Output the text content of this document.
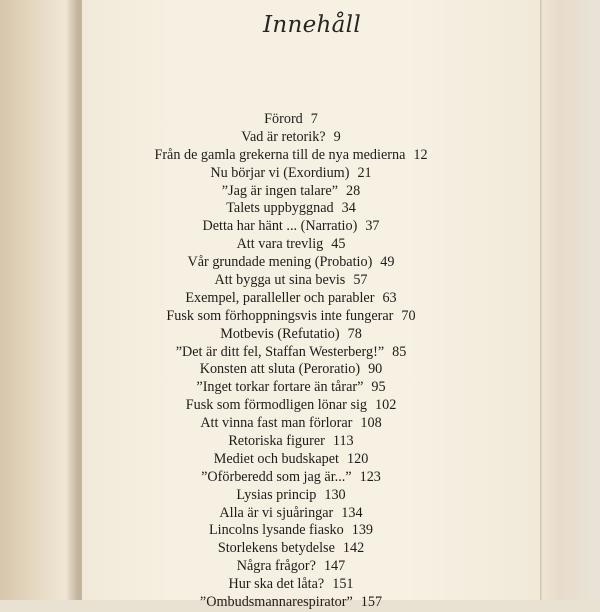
Innehåll
Förord 7
Vad är retorik? 9
Från de gamla grekerna till de nya medierna 12
Nu börjar vi (Exordium) 21
”Jag är ingen talare” 28
Talets uppbyggnad 34
Detta har hänt ... (Narratio) 37
Att vara trevlig 45
Vår grundade mening (Probatio) 49
Att bygga ut sina bevis 57
Exempel, paralleller och parabler 63
Fusk som förhoppningsvis inte fungerar 70
Motbevis (Refutatio) 78
”Det är ditt fel, Staffan Westerberg!” 85
Konsten att sluta (Peroratio) 90
”Inget torkar fortare än tårar” 95
Fusk som förmodligen lönar sig 102
Att vinna fast man förlorar 108
Retoriska figurer 113
Mediet och budskapet 120
”Oförberedd som jag är...” 123
Lysias princip 130
Alla är vi sjuåringar 134
Lincolns lysande fiasko 139
Storlekens betydelse 142
Några frågor? 147
Hur ska det låta? 151
”Ombudsmannarespirator” 157
